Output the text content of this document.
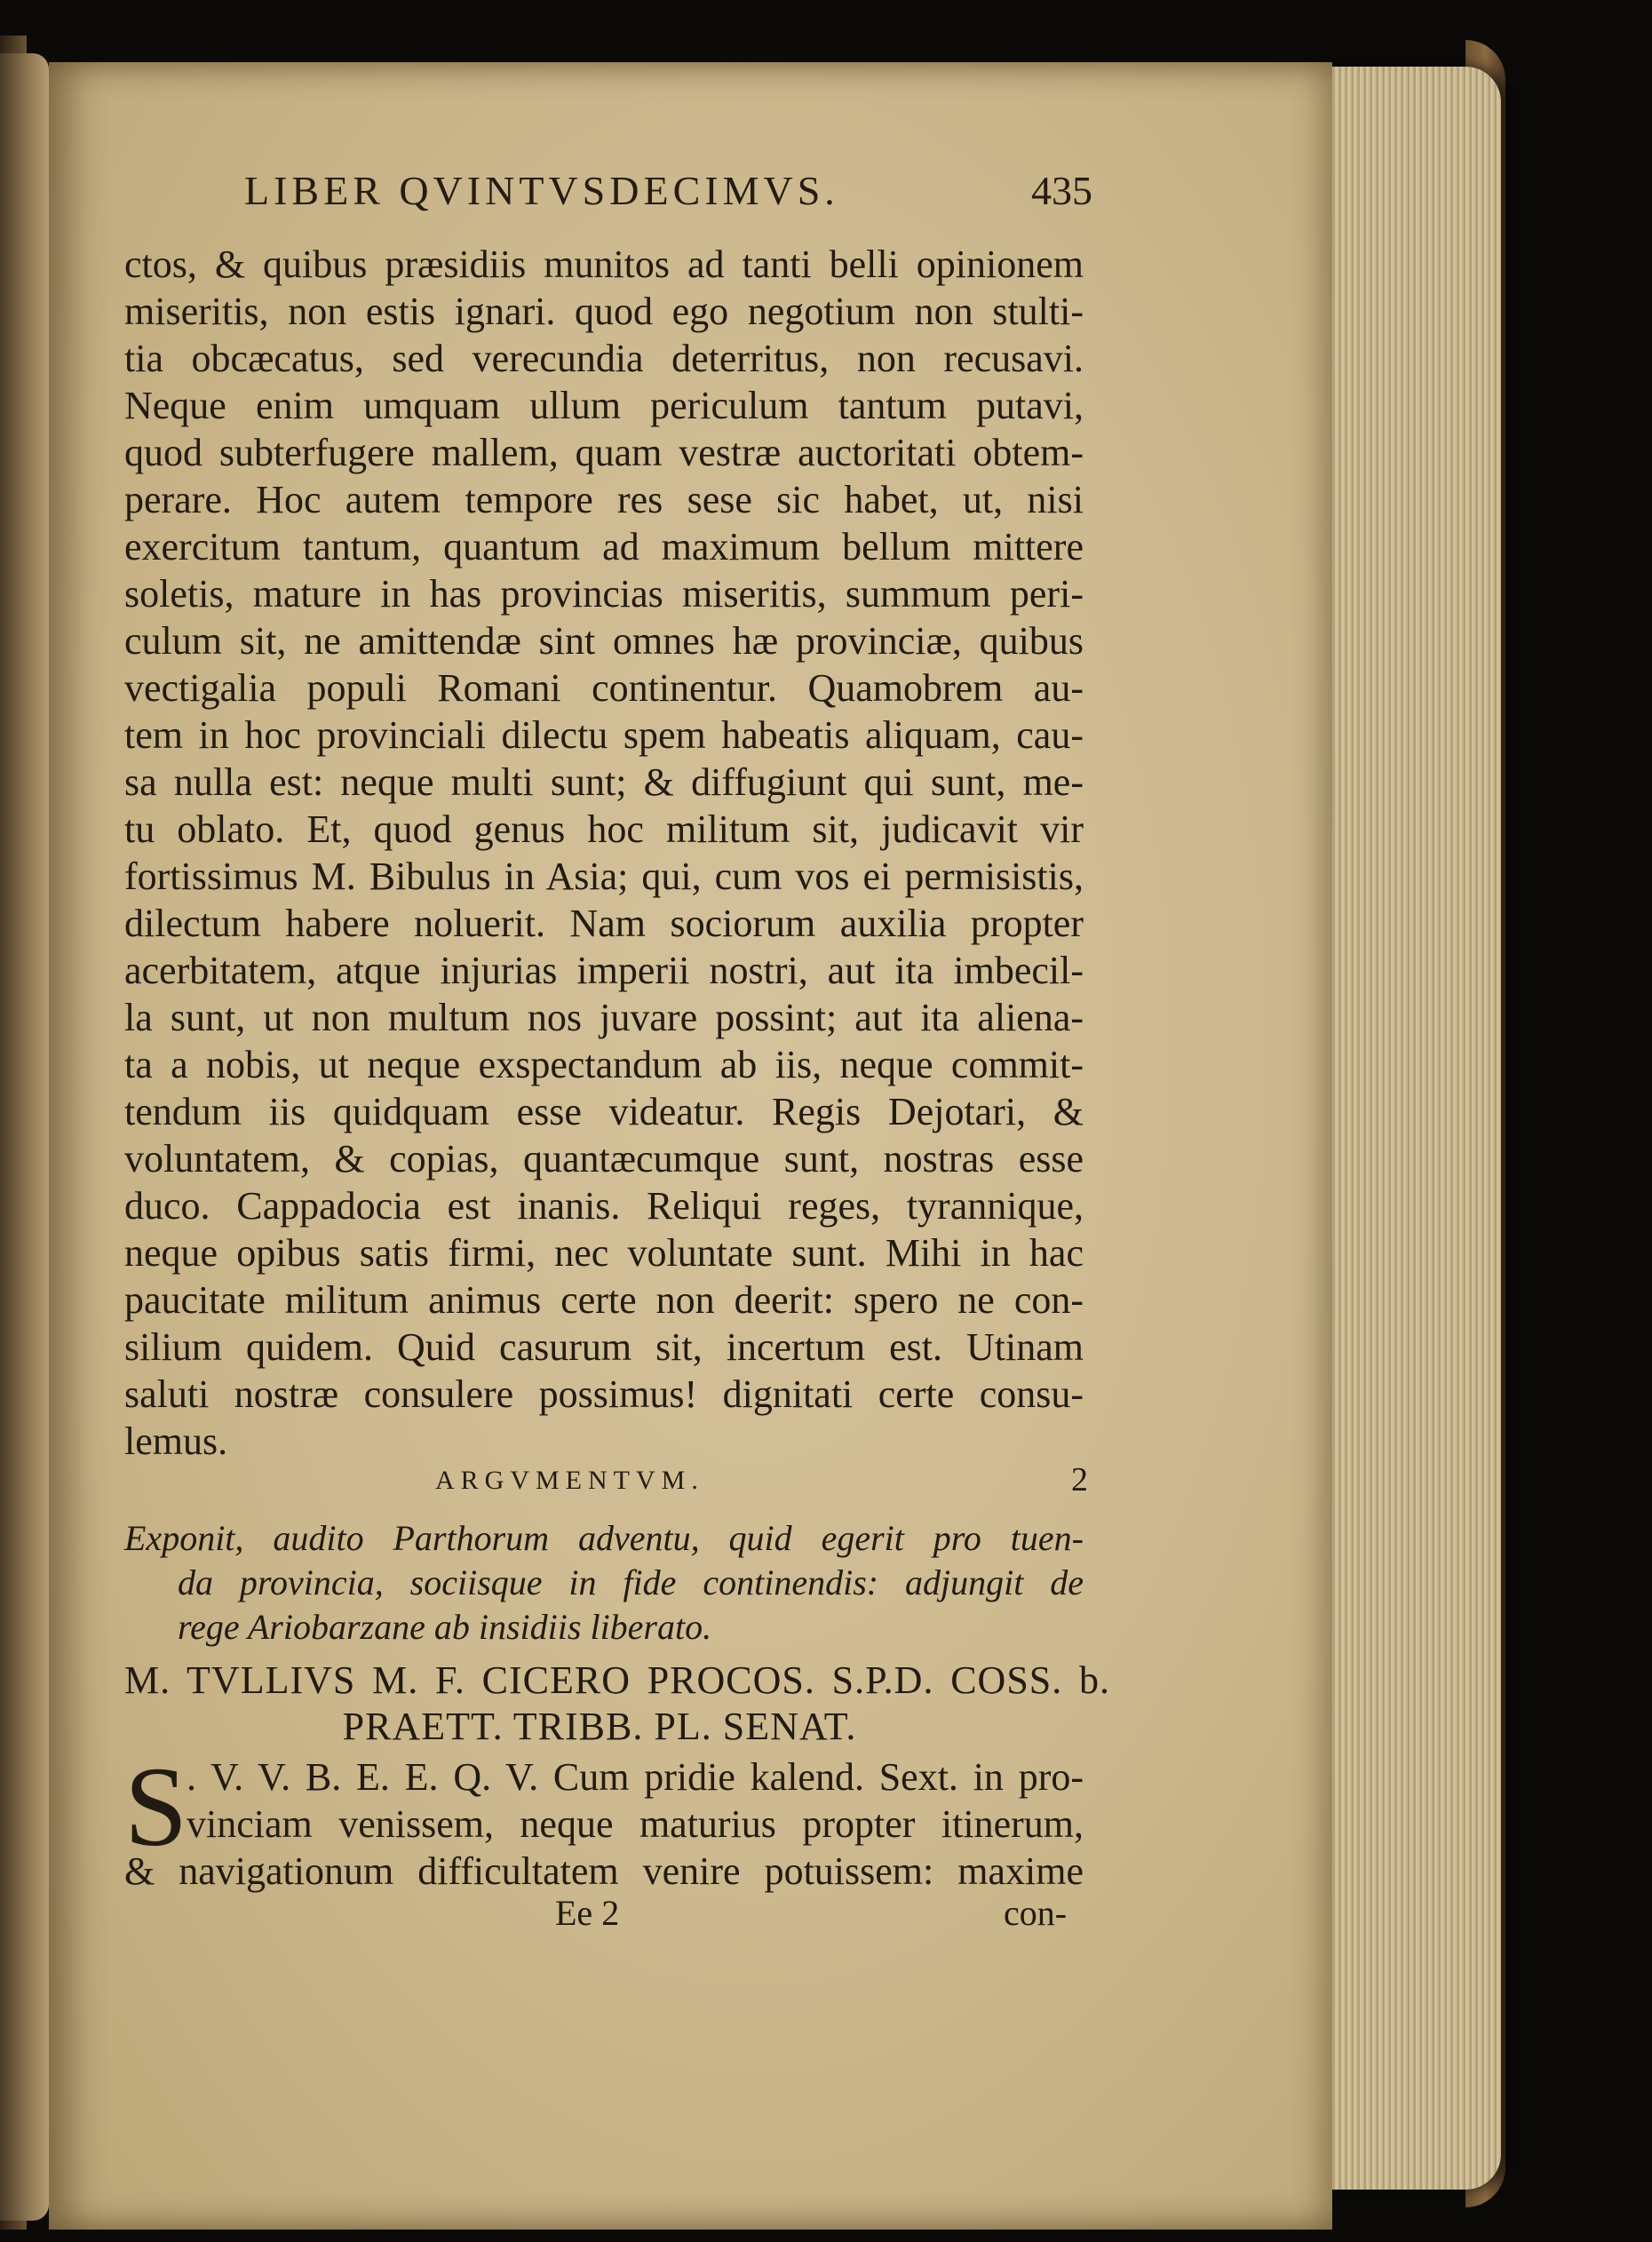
LIBER QVINTVSDECIMVS.	435
ctos, & quibus præsidiis munitos ad tanti belli opinionem
miseritis, non estis ignari. quod ego negotium non stulti-
tia obcæcatus, sed verecundia deterritus, non recusavi.
Neque enim umquam ullum periculum tantum putavi,
quod subterfugere mallem, quam vestræ auctoritati obtem-
perare. Hoc autem tempore res sese sic habet, ut, nisi
exercitum tantum, quantum ad maximum bellum mittere
soletis, mature in has provincias miseritis, summum peri-
culum sit, ne amittendæ sint omnes hæ provinciæ, quibus
vectigalia populi Romani continentur. Quamobrem au-
tem in hoc provinciali dilectu spem habeatis aliquam, cau-
sa nulla est: neque multi sunt; & diffugiunt qui sunt, me-
tu oblato. Et, quod genus hoc militum sit, judicavit vir
fortissimus M. Bibulus in Asia; qui, cum vos ei permisistis,
dilectum habere noluerit. Nam sociorum auxilia propter
acerbitatem, atque injurias imperii nostri, aut ita imbecil-
la sunt, ut non multum nos juvare possint; aut ita aliena-
ta a nobis, ut neque exspectandum ab iis, neque commit-
tendum iis quidquam esse videatur. Regis Dejotari, &
voluntatem, & copias, quantæcumque sunt, nostras esse
duco. Cappadocia est inanis. Reliqui reges, tyrannique,
neque opibus satis firmi, nec voluntate sunt. Mihi in hac
paucitate militum animus certe non deerit: spero ne con-
silium quidem. Quid casurum sit, incertum est. Utinam
saluti nostræ consulere possimus! dignitati certe consu-
lemus.
ARGVMENTVM.	2
Exponit, audito Parthorum adventu, quid egerit pro tuen-
da provincia, sociisque in fide continendis: adjungit de
rege Ariobarzane ab insidiis liberato.
M. TVLLIVS M. F. CICERO PROCOS. S.P.D. COSS. b.
PRAETT. TRIBB. PL. SENAT.
S
. V. V. B. E. E. Q. V. Cum pridie kalend. Sext. in pro-
vinciam venissem, neque maturius propter itinerum,
& navigationum difficultatem venire potuissem: maxime
Ee 2	con-
